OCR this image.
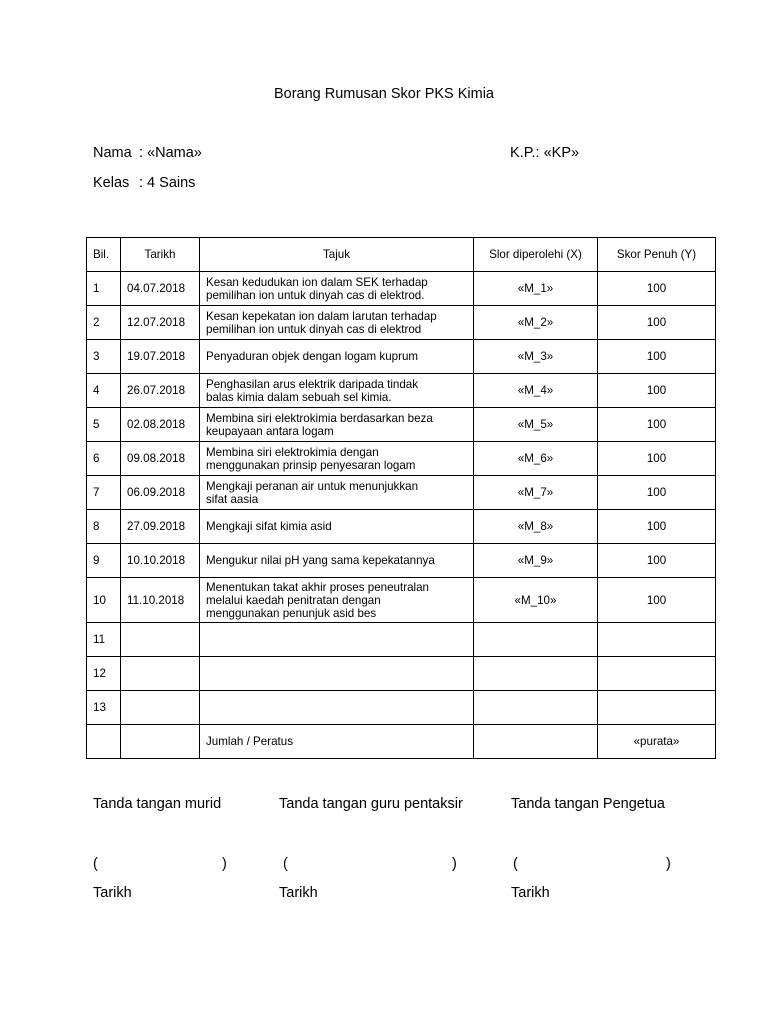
Borang Rumusan Skor PKS Kimia
Nama : «Nama»
Kelas : 4 Sains
K.P.: «KP»
Bil.	Tarikh	Tajuk	Slor diperolehi (X)	Skor Penuh (Y)
1	04.07.2018	Kesan kedudukan ion dalam SEK terhadap
pemilihan ion untuk dinyah cas di elektrod.	«M_1»	100
2	12.07.2018	Kesan kepekatan ion dalam larutan terhadap
pemilihan ion untuk dinyah cas di elektrod	«M_2»	100
3	19.07.2018	Penyaduran objek dengan logam kuprum	«M_3»	100
4	26.07.2018	Penghasilan arus elektrik daripada tindak
balas kimia dalam sebuah sel kimia.	«M_4»	100
5	02.08.2018	Membina siri elektrokimia berdasarkan beza
keupayaan antara logam	«M_5»	100
6	09.08.2018	Membina siri elektrokimia dengan
menggunakan prinsip penyesaran logam	«M_6»	100
7	06.09.2018	Mengkaji peranan air untuk menunjukkan
sifat aasia	«M_7»	100
8	27.09.2018	Mengkaji sifat kimia asid	«M_8»	100
9	10.10.2018	Mengukur nilai pH yang sama kepekatannya	«M_9»	100
10	11.10.2018	Menentukan takat akhir proses peneutralan
melalui kaedah penitratan dengan
menggunakan penunjuk asid bes	«M_10»	100
11		

12		

13		

		Jumlah / Peratus		«purata»
Tanda tangan murid	Tanda tangan guru pentaksir	Tanda tangan Pengetua
(	)	(	)	(	)
Tarikh	Tarikh	Tarikh
